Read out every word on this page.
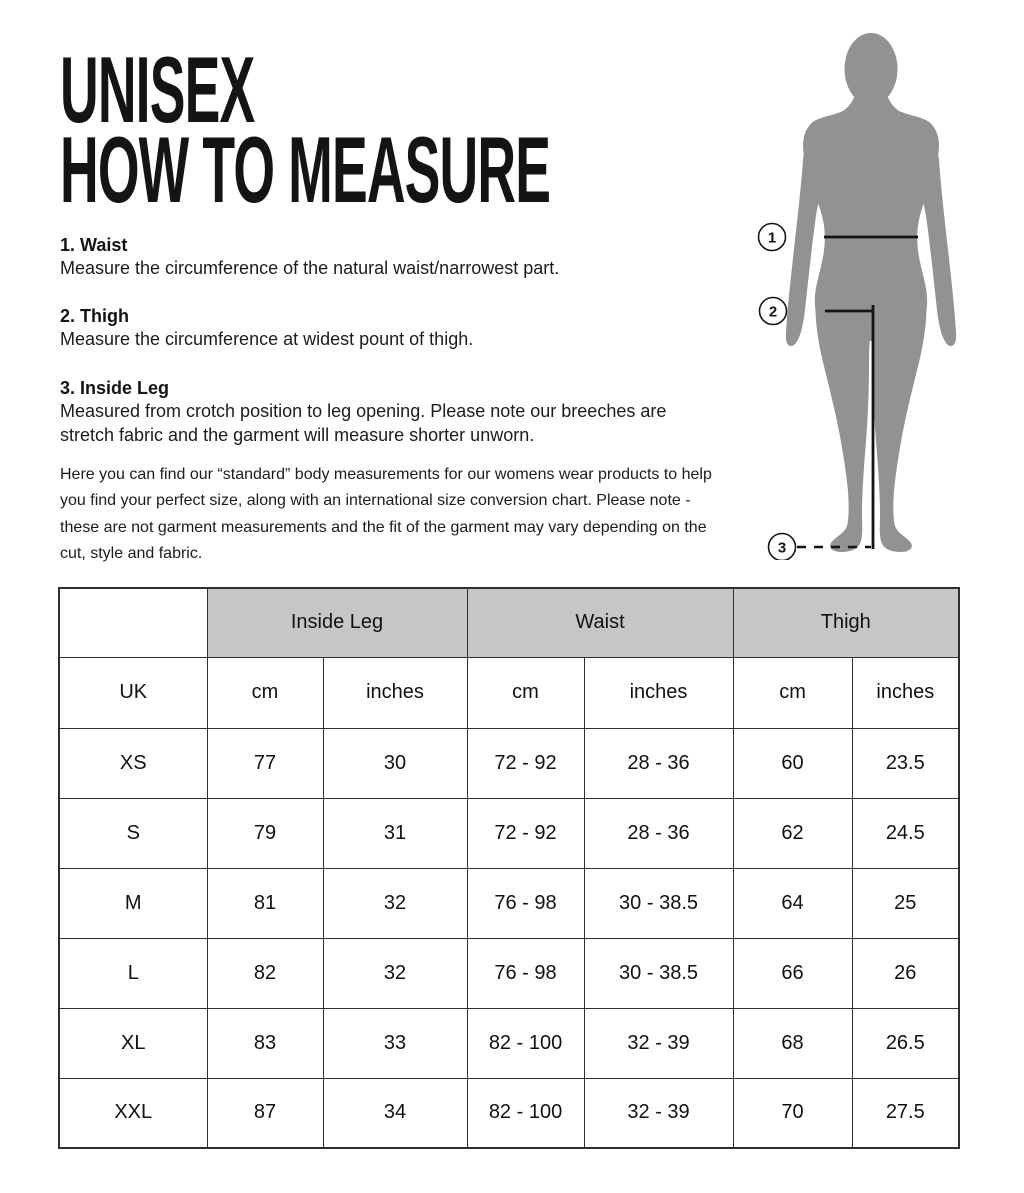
UNISEX
HOW TO MEASURE
1. Waist

Measure the circumference of the natural waist/narrowest part.

2. Thigh

Measure the circumference at widest pount of thigh.

3. Inside Leg

Measured from crotch position to leg opening. Please note our breeches are stretch fabric and the garment will measure shorter unworn.

Here you can find our “standard” body measurements for our womens wear products to help you find your perfect size, along with an international size conversion chart. Please note - these are not garment measurements and the fit of the garment may vary depending on the cut, style and fabric.

1
2
3
	Inside Leg		Waist		Thigh	
UK	cm	inches	cm	inches	cm	inches
XS	77	30	72 - 92	28 - 36	60	23.5
S	79	31	72 - 92	28 - 36	62	24.5
M	81	32	76 - 98	30 - 38.5	64	25
L	82	32	76 - 98	30 - 38.5	66	26
XL	83	33	82 - 100	32 - 39	68	26.5
XXL	87	34	82 - 100	32 - 39	70	27.5
